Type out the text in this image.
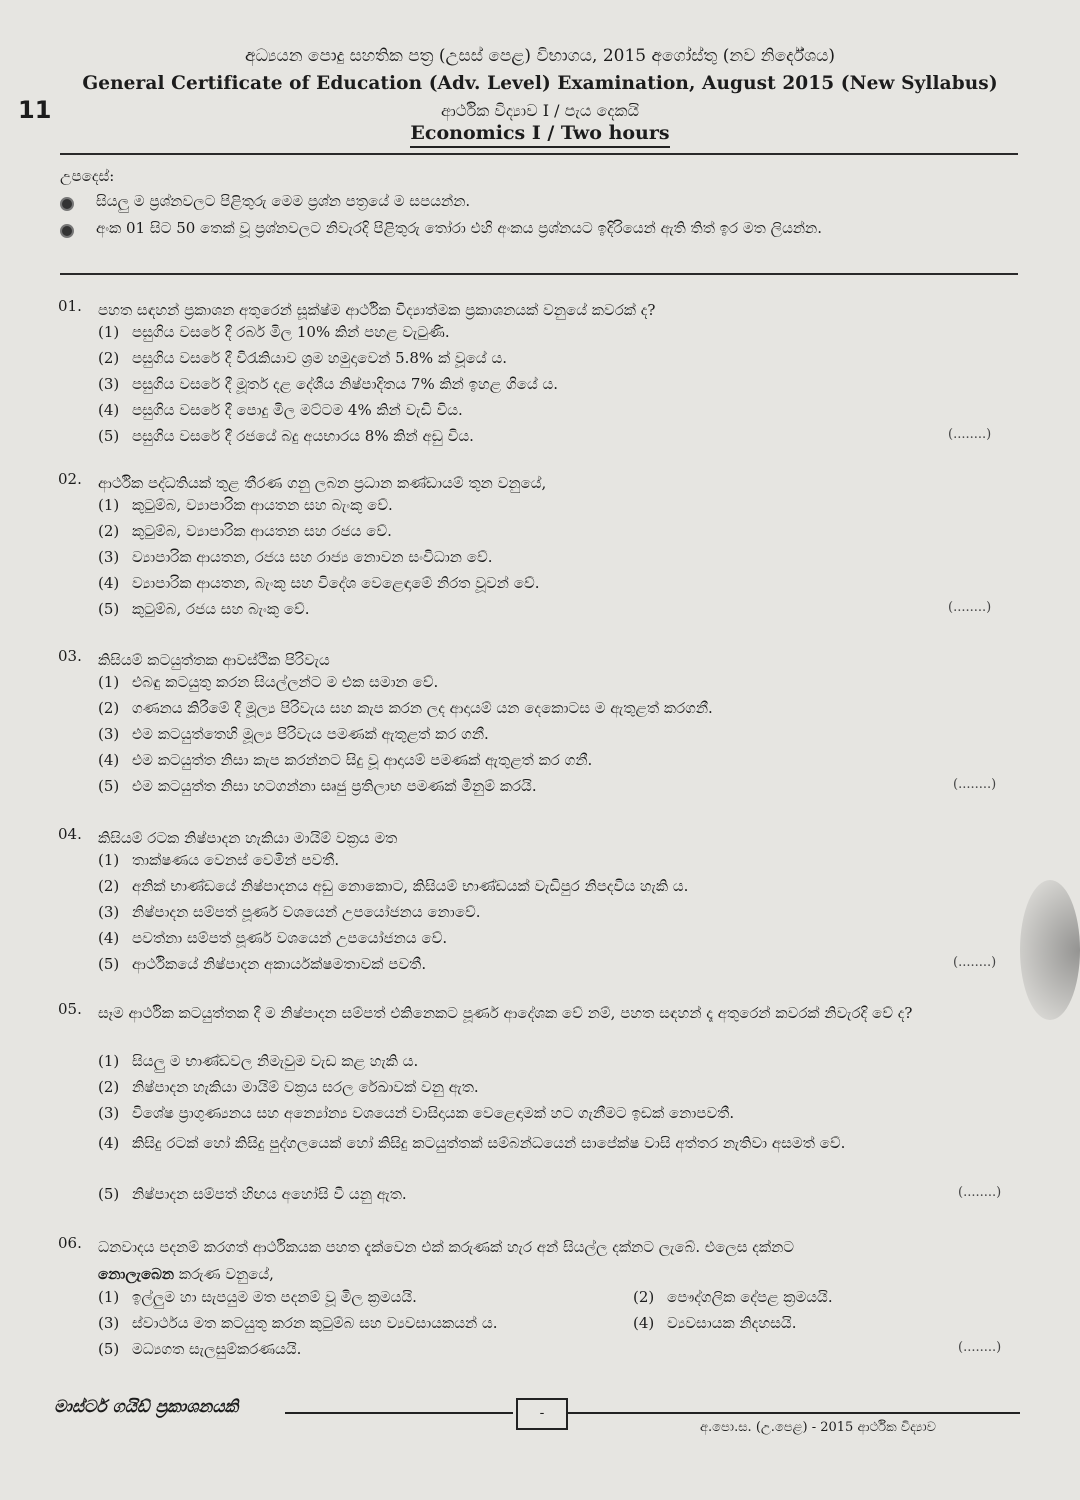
11
අධ්‍යයන පොදු සහතික පත්‍ර (උසස් පෙළ) විභාගය, 2015 අගෝස්තු (නව නිර්දේශය)
General Certificate of Education (Adv. Level) Examination, August 2015 (New Syllabus)
ආර්ථික විද්‍යාව I / පැය දෙකයි
Economics I / Two hours
උපදෙස්:
සියලු ම ප්‍රශ්නවලට පිළිතුරු මෙම ප්‍රශ්න පත්‍රයේ ම සපයන්න.
අංක 01 සිට 50 තෙක් වූ ප්‍රශ්නවලට නිවැරදි පිළිතුරු තෝරා එහි අංකය ප්‍රශ්නයට ඉදිරියෙන් ඇති තිත් ඉර මත ලියන්න.
01. පහත සඳහන් ප්‍රකාශන අතුරෙන් සූක්ෂ්ම ආර්ථික විද්‍යාත්මක ප්‍රකාශනයක් වනුයේ කවරක් ද?
(1) පසුගිය වසරේ දී රබර් මිල 10% කින් පහළ වැටුණි.
(2) පසුගිය වසරේ දී විරැකියාව ශ්‍රම හමුදාවෙන් 5.8% ක් වූයේ ය.
(3) පසුගිය වසරේ දී මූර්ත දළ දේශීය නිෂ්පාදිතය 7% කින් ඉහළ ගියේ ය.
(4) පසුගිය වසරේ දී පොදු මිල මට්ටම 4% කින් වැඩි විය.
(5) පසුගිය වසරේ දී රජයේ බදු අයභාරය 8% කින් අඩු විය.	(........)
02. ආර්ථික පද්ධතියක් තුළ තීරණ ගනු ලබන ප්‍රධාන කණ්ඩායම් තුන වනුයේ,
(1) කුටුම්බ, ව්‍යාපාරික ආයතන සහ බැංකු වේ.
(2) කුටුම්බ, ව්‍යාපාරික ආයතන සහ රජය වේ.
(3) ව්‍යාපාරික ආයතන, රජය සහ රාජ්‍ය නොවන සංවිධාන වේ.
(4) ව්‍යාපාරික ආයතන, බැංකු සහ විදේශ වෙළෙඳාමේ නිරත වූවන් වේ.
(5) කුටුම්බ, රජය සහ බැංකු වේ.	(........)
03. කිසියම් කටයුත්තක ආවස්ථික පිරිවැය
(1) එබඳු කටයුතු කරන සියල්ලන්ට ම එක සමාන වේ.
(2) ගණනය කිරීමේ දී මූල්‍ය පිරිවැය සහ කැප කරන ලද ආදායම් යන දෙකොටස ම ඇතුළත් කරගනී.
(3) එම කටයුත්තෙහි මූල්‍ය පිරිවැය පමණක් ඇතුළත් කර ගනී.
(4) එම කටයුත්ත නිසා කැප කරන්නට සිදු වූ ආදායම් පමණක් ඇතුළත් කර ගනී.
(5) එම කටයුත්ත නිසා හටගන්නා සෘජු ප්‍රතිලාභ පමණක් මිනුම් කරයි.	(........)
04. කිසියම් රටක නිෂ්පාදන හැකියා මායිම් වක්‍රය මත
(1) තාක්ෂණය වෙනස් වෙමින් පවතී.
(2) අනික් භාණ්ඩයේ නිෂ්පාදනය අඩු නොකොට, කිසියම් භාණ්ඩයක් වැඩිපුර නිපදවිය හැකි ය.
(3) නිෂ්පාදන සම්පත් පූර්ණ වශයෙන් උපයෝජනය නොවේ.
(4) පවත්නා සම්පත් පූර්ණ වශයෙන් උපයෝජනය වේ.
(5) ආර්ථිකයේ නිෂ්පාදන අකාර්යක්ෂමතාවක් පවතී.	(........)
05. සෑම ආර්ථික කටයුත්තක දී ම නිෂ්පාදන සම්පත් එකිනෙකට පූර්ණ ආදේශක වේ නම්, පහත සඳහන් දෑ අතුරෙන් කවරක් නිවැරදි වේ ද?
(1) සියලු ම භාණ්ඩවල නිමැවුම වැඩ කළ හැකි ය.
(2) නිෂ්පාදන හැකියා මායිම් වක්‍රය සරල රේඛාවක් වනු ඇත.
(3) විශේෂ ප්‍රාගුණ්‍යනය සහ අන්‍යෝන්‍ය වශයෙන් වාසිදායක වෙළෙඳාමක් හට ගැනීමට ඉඩක් නොපවතී.
(4) කිසිදු රටක් හෝ කිසිදු පුද්ගලයෙක් හෝ කිසිදු කටයුත්තක් සම්බන්ධයෙන් සාපේක්ෂ වාසි අත්තර නැතිවා අසමත් වේ.
(5) නිෂ්පාදන සම්පත් හිඟය අහෝසි වී යනු ඇත.	(........)
06. ධනවාදය පදනම් කරගත් ආර්ථිකයක පහත දැක්වෙන එක් කරුණක් හැර අන් සියල්ල දක්නට ලැබේ. එලෙස දක්නට
නොලැබෙන කරුණ වනුයේ,
(1) ඉල්ලුම හා සැපයුම මත පදනම් වූ මිල ක්‍රමයයි.	(2) පෞද්ගලික දේපළ ක්‍රමයයි.
(3) ස්වාර්ථය මත කටයුතු කරන කුටුම්බ සහ ව්‍යවසායකයන් ය.	(4) ව්‍යවසායක නිදහසයි.
(5) මධ්‍යගත සැලසුම්කරණයයි.	(........)
මාස්ටර් ගයිඩ් ප්‍රකාශනයකි	-
අ.පො.ස. (උ.පෙළ) - 2015 ආර්ථික විද්‍යාව
